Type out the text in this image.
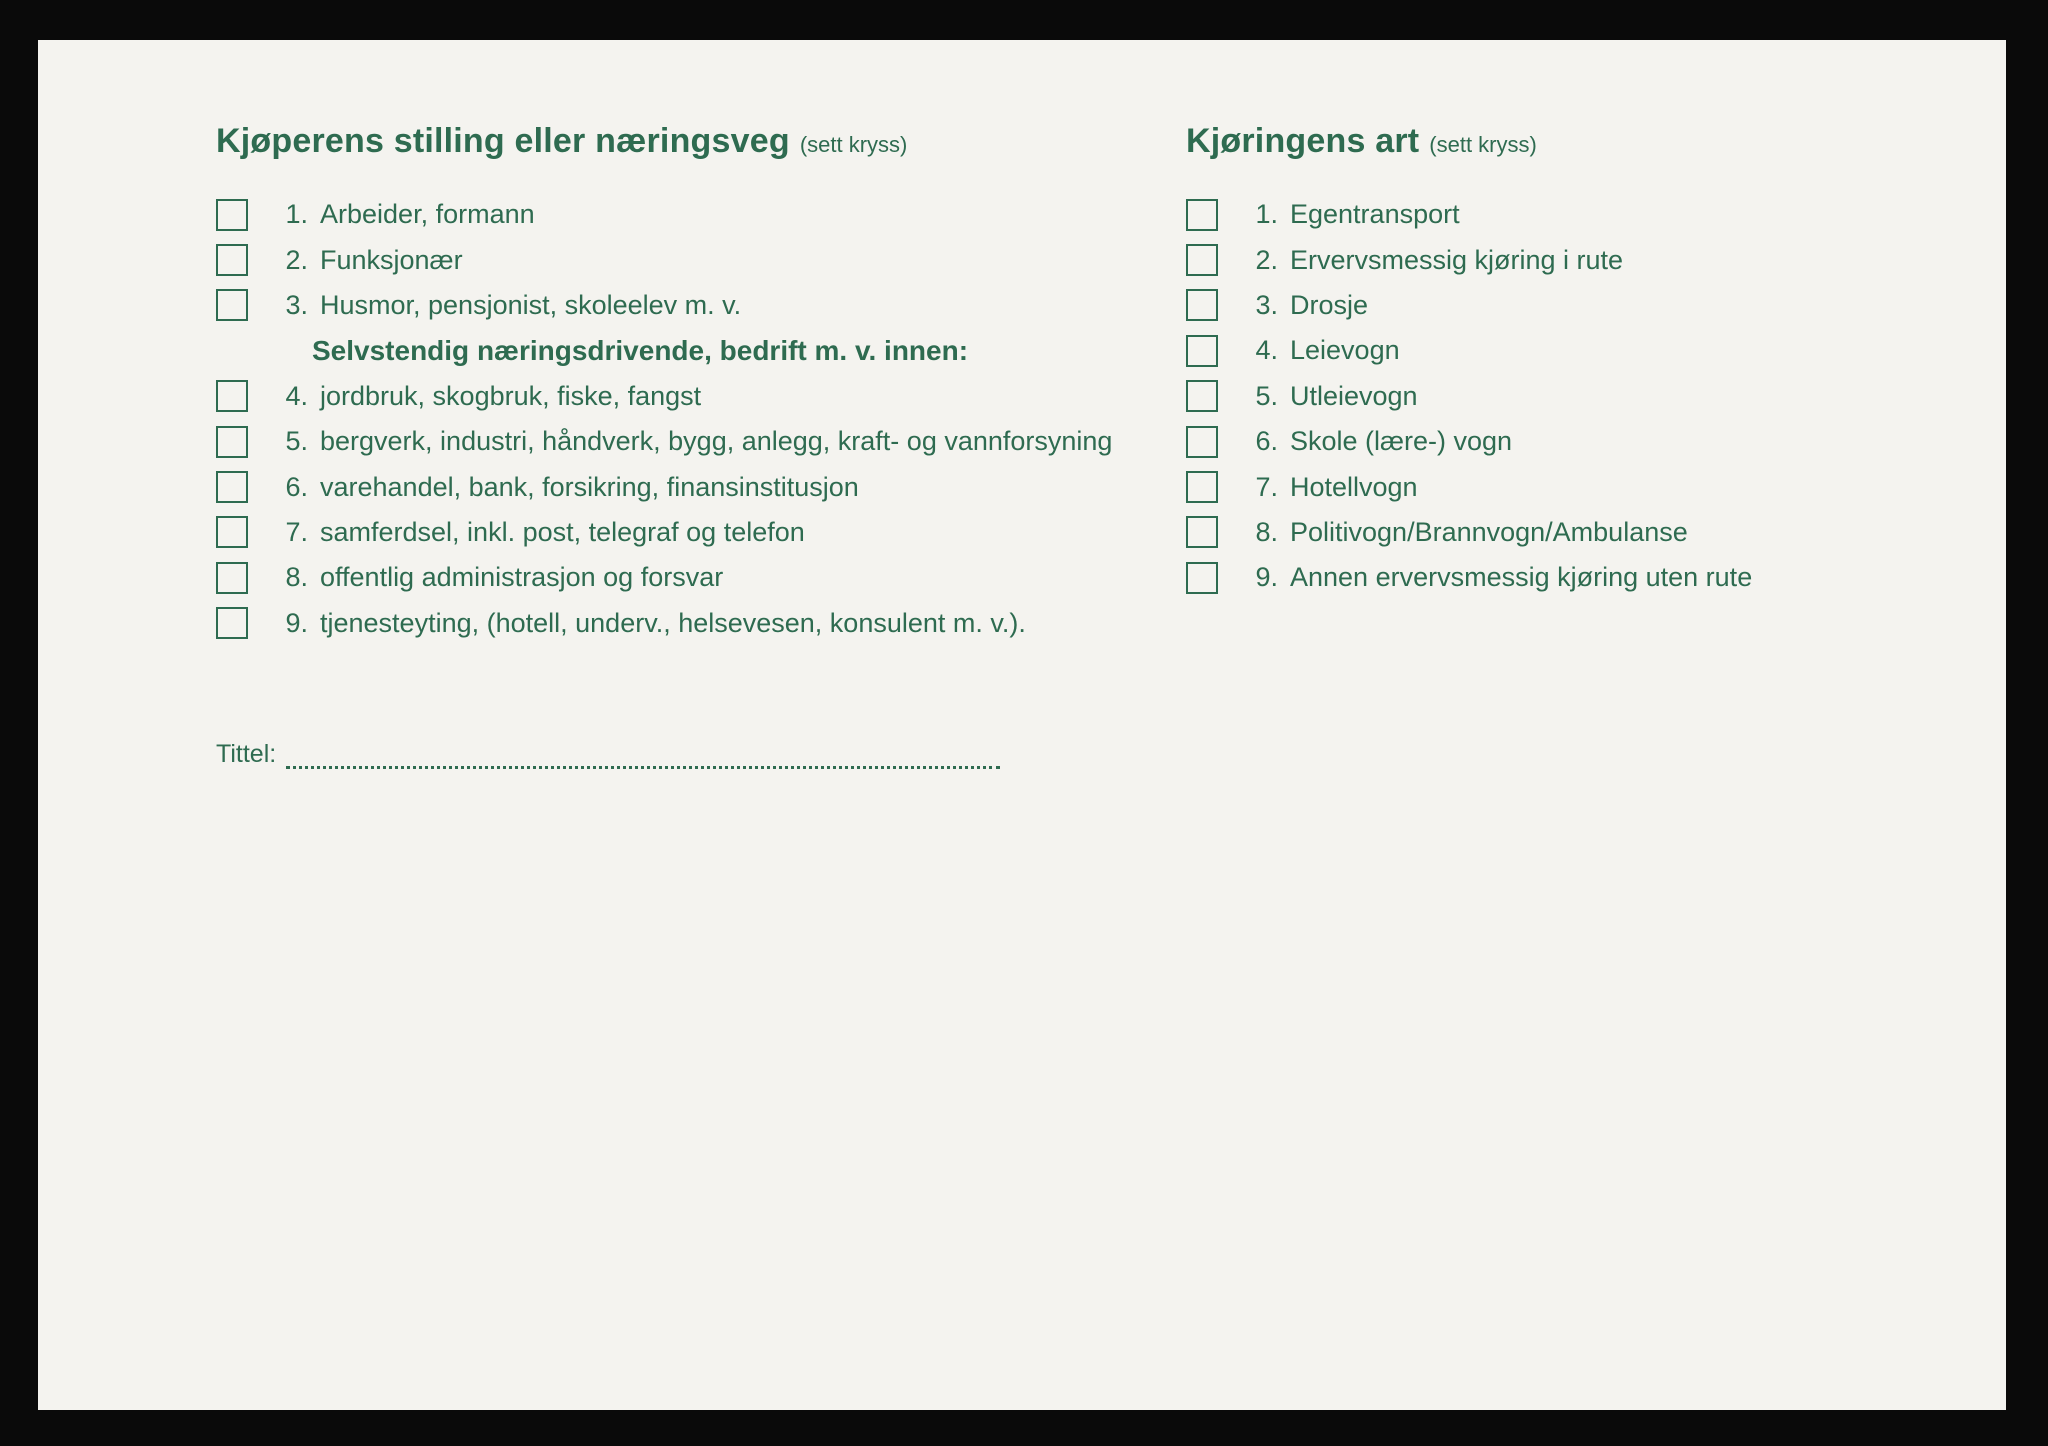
Kjøperens stilling eller næringsveg (sett kryss)
1. Arbeider, formann
2. Funksjonær
3. Husmor, pensjonist, skoleelev m. v.
Selvstendig næringsdrivende, bedrift m. v. innen:
4. jordbruk, skogbruk, fiske, fangst
5. bergverk, industri, håndverk, bygg, anlegg, kraft- og vannforsyning
6. varehandel, bank, forsikring, finansinstitusjon
7. samferdsel, inkl. post, telegraf og telefon
8. offentlig administrasjon og forsvar
9. tjenesteyting, (hotell, underv., helsevesen, konsulent m. v.).
Kjøringens art (sett kryss)
1. Egentransport
2. Ervervsmessig kjøring i rute
3. Drosje
4. Leievogn
5. Utleievogn
6. Skole (lære-) vogn
7. Hotellvogn
8. Politivogn/Brannvogn/Ambulanse
9. Annen ervervsmessig kjøring uten rute
Tittel:
